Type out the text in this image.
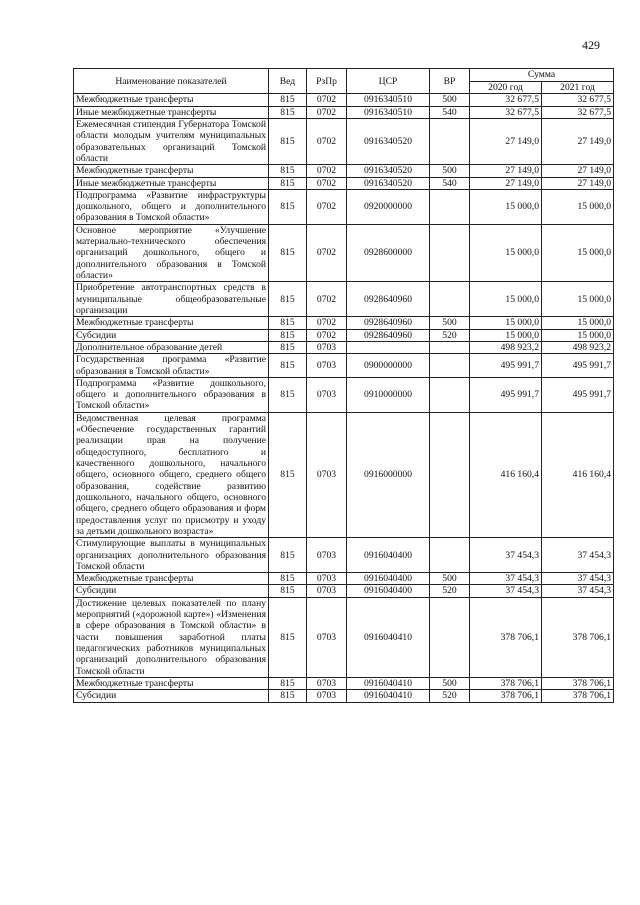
429
Наименование показателей	Вед	РзПр	ЦСР	ВР	Сумма	
					2020 год	2021 год
Межбюджетные трансферты	815	0702	0916340510	500	32 677,5	32 677,5
Иные межбюджетные трансферты	815	0702	0916340510	540	32 677,5	32 677,5
Ежемесячная стипендия Губернатора Томской области молодым учителям муниципальных образовательных организаций Томской области	815	0702	0916340520		27 149,0	27 149,0
Межбюджетные трансферты	815	0702	0916340520	500	27 149,0	27 149,0
Иные межбюджетные трансферты	815	0702	0916340520	540	27 149,0	27 149,0
Подпрограмма «Развитие инфраструктуры дошкольного, общего и дополнительного образования в Томской области»	815	0702	0920000000		15 000,0	15 000,0
Основное мероприятие «Улучшение материально-технического обеспечения организаций дошкольного, общего и дополнительного образования в Томской области»	815	0702	0928600000		15 000,0	15 000,0
Приобретение автотранспортных средств в муниципальные общеобразовательные организации	815	0702	0928640960		15 000,0	15 000,0
Межбюджетные трансферты	815	0702	0928640960	500	15 000,0	15 000,0
Субсидии	815	0702	0928640960	520	15 000,0	15 000,0
Дополнительное образование детей	815	0703			498 923,2	498 923,2
Государственная программа «Развитие образования в Томской области»	815	0703	0900000000		495 991,7	495 991,7
Подпрограмма «Развитие дошкольного, общего и дополнительного образования в Томской области»	815	0703	0910000000		495 991,7	495 991,7
Ведомственная целевая программа «Обеспечение государственных гарантий реализации прав на получение общедоступного, бесплатного и качественного дошкольного, начального общего, основного общего, среднего общего образования, содействие развитию дошкольного, начального общего, основного общего, среднего общего образования и форм предоставления услуг по присмотру и уходу за детьми дошкольного возраста»	815	0703	0916000000		416 160,4	416 160,4
Стимулирующие выплаты в муниципальных организациях дополнительного образования Томской области	815	0703	0916040400		37 454,3	37 454,3
Межбюджетные трансферты	815	0703	0916040400	500	37 454,3	37 454,3
Субсидии	815	0703	0916040400	520	37 454,3	37 454,3
Достижение целевых показателей по плану мероприятий («дорожной карте») «Изменения в сфере образования в Томской области» в части повышения заработной платы педагогических работников муниципальных организаций дополнительного образования Томской области	815	0703	0916040410		378 706,1	378 706,1
Межбюджетные трансферты	815	0703	0916040410	500	378 706,1	378 706,1
Субсидии	815	0703	0916040410	520	378 706,1	378 706,1
